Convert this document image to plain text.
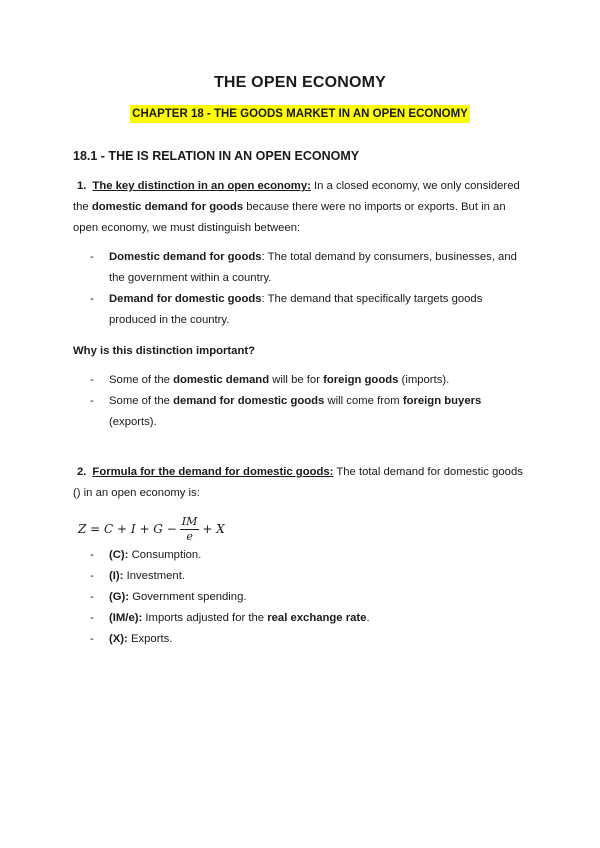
THE OPEN ECONOMY
CHAPTER 18 - THE GOODS MARKET IN AN OPEN ECONOMY
18.1 - THE IS RELATION IN AN OPEN ECONOMY
1. The key distinction in an open economy: In a closed economy, we only considered the domestic demand for goods because there were no imports or exports. But in an open economy, we must distinguish between:
- Domestic demand for goods: The total demand by consumers, businesses, and the government within a country.
- Demand for domestic goods: The demand that specifically targets goods produced in the country.
Why is this distinction important?
- Some of the domestic demand will be for foreign goods (imports).
- Some of the demand for domestic goods will come from foreign buyers (exports).
2. Formula for the demand for domestic goods: The total demand for domestic goods () in an open economy is:
$Z = C + I + G - \frac{IM}{e} + X$
- (C): Consumption.
- (I): Investment.
- (G): Government spending.
- (IM/e): Imports adjusted for the real exchange rate.
- (X): Exports.
